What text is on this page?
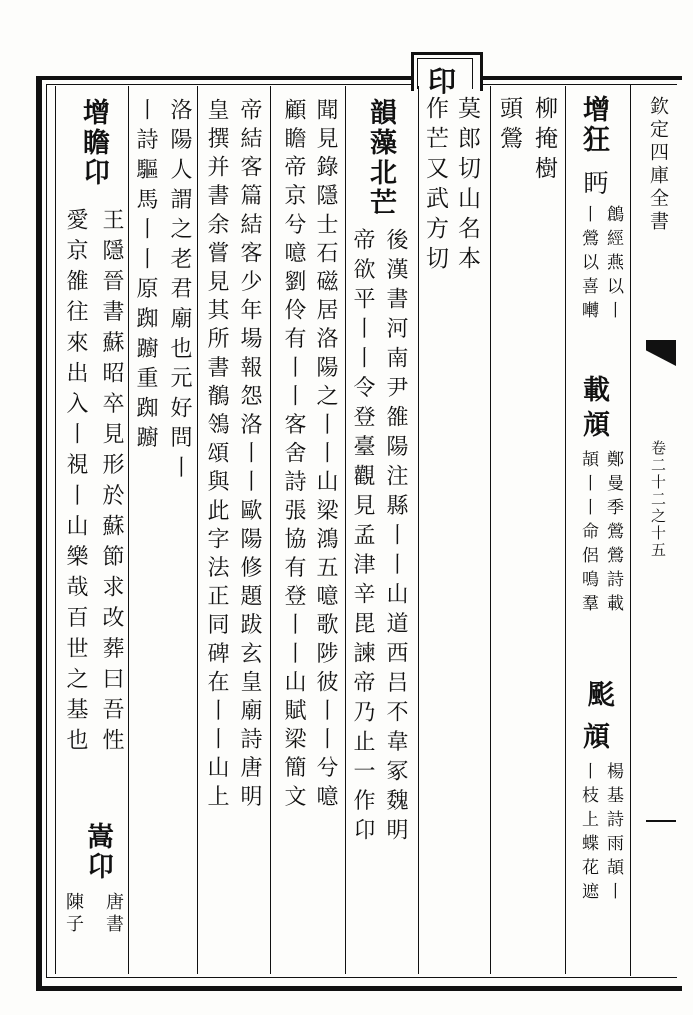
印
欽定四庫全書
卷二十二之十五
增狂
眄
鶬經燕以丨
丨鶯以喜囀
載
頏
鄭曼季鶯鶯詩載
頡丨丨命侶鳴羣
颩
頏
楊基詩雨頡丨
丨枝上蝶花遮
柳掩樹
頭鶯
莫郎切山名本
作芒又武方切
韻藻北芒
後漢書河南尹雒陽注縣丨丨山道西吕不韋冢魏明
帝欲平丨丨令登臺觀見孟津辛毘諫帝乃止一作卬
聞見錄隱士石磁居洛陽之丨丨山梁鴻五噫歌陟彼丨丨兮噫
顧瞻帝京兮噫劉伶有丨丨客舍詩張協有登丨丨山賦梁簡文
帝結客篇結客少年場報怨洛丨丨歐陽修題跋玄皇廟詩唐明
皇撰并書余嘗見其所書鶺鴒頌與此字法正同碑在丨丨山上
洛陽人謂之老君廟也元好問丨
丨詩驅馬丨丨原踟躕重踟躕
增瞻卬
王隱晉書蘇昭卒見形於蘇節求改葬曰吾性
愛京雒往來出入丨視丨山樂哉百世之基也
嵩卬
唐書
陳子
